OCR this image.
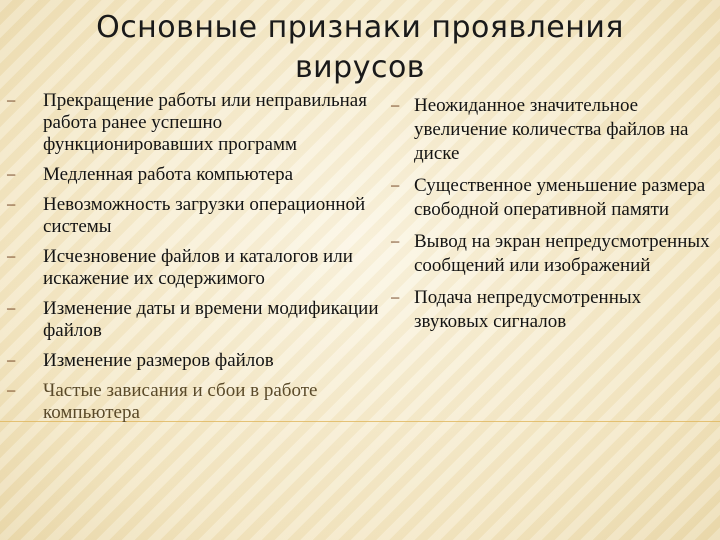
Основные признаки проявления
вирусов
−	Прекращение работы или неправильная работа ранее успешно функционировавших программ
−	Медленная работа компьютера
−	Невозможность загрузки операционной системы
−	Исчезновение файлов и каталогов или искажение их содержимого
−	Изменение даты и времени модификации файлов
−	Изменение размеров файлов
−	Частые зависания и сбои в работе компьютера
− Неожиданное значительное увеличение количества файлов на диске
− Существенное уменьшение размера свободной оперативной памяти
− Вывод на экран непредусмотренных сообщений или изображений
− Подача непредусмотренных звуковых сигналов
